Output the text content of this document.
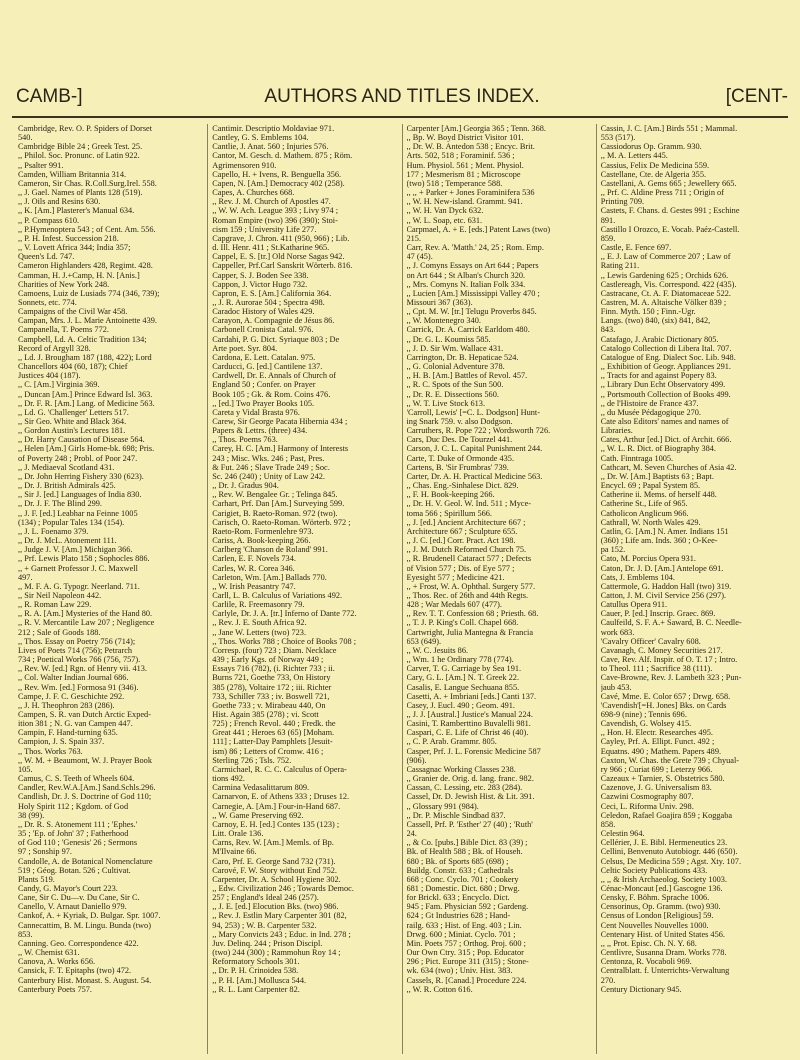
CAMB-]	AUTHORS AND TITLES INDEX.	[CENT-
Cambridge, Rev. O. P. Spiders of Dorset
540.
Cambridge Bible 24 ; Greek Test. 25.
,, Philol. Soc. Pronunc. of Latin 922.
,, Psalter 991.
Camden, William Britannia 314.
Cameron, Sir Chas. R.Coll.Surg.Irel. 558.
,, J. Gael. Names of Plants 128 (519).
,, J. Oils and Resins 630.
,, K. [Am.] Plasterer's Manual 634.
,, P. Compass 610.
,, P.Hymenoptera 543 ; of Cent. Am. 556.
,, P. H. Infest. Succession 218.
,, V. Lovett Africa 344; India 357;
Queen's Ld. 747.
Cameron Highlanders 428, Regimt. 428.
Camman, H. J.+Camp, H. N. [Anis.]
Charities of New York 248.
Camoens, Luiz de Lusiads 774 (346, 739);
Sonnets, etc. 774.
Campaigns of the Civil War 458.
Campan, Mrs. J. L. Marie Antoinette 439.
Campanella, T. Poems 772.
Campbell, Ld. A. Celtic Tradition 134;
Record of Argyll 328.
,, Ld. J. Brougham 187 (188, 422); Lord
Chancellors 404 (60, 187); Chief
Justices 404 (187).
,, C. [Am.] Virginia 369.
,, Duncan [Am.] Prince Edward Isl. 363.
,, Dr. F. R. [Am.] Lang. of Medicine 563.
,, Ld. G. 'Challenger' Letters 517.
,, Sir Geo. White and Black 364.
,, Gordon Austin's Lectures 181.
,, Dr. Harry Causation of Disease 564.
,, Helen [Am.] Girls Home-bk. 698; Pris.
of Poverty 248 ; Probl. of Poor 247.
,, J. Mediaeval Scotland 431.
,, Dr. John Herring Fishery 330 (623).
,, Dr. J. British Admirals 425.
,, Sir J. [ed.] Languages of India 830.
,, Dr. J. F. The Blind 299.
,, J. F. [ed.] Leabhar na Feinne 1005
(134) ; Popular Tales 134 (154).
,, J. L. Foenamo 379.
,, Dr. J. McL. Atonement 111.
,, Judge J. V. [Am.] Michigan 366.
,, Prf. Lewis Plato 158 ; Sophocles 886.
,, + Garnett Professor J. C. Maxwell
497.
,, M. F. A. G. Typogr. Neerland. 711.
,, Sir Neil Napoleon 442.
,, R. Roman Law 229.
,, R. A. [Am.] Mysteries of the Hand 80.
,, R. V. Mercantile Law 207 ; Negligence
212 ; Sale of Goods 188.
,, Thos. Essay on Poetry 756 (714);
Lives of Poets 714 (756); Petrarch
734 ; Poetical Works 766 (756, 757).
,, Rev. W. [ed.] Rgn. of Henry vii. 413.
,, Col. Walter Indian Journal 686.
,, Rev. Wm. [ed.] Formosa 91 (346).
Campe, J. F. C. Geschichte 292.
,, J. H. Theophron 283 (286).
Campen, S. R. van Dutch Arctic Exped-
ition 381 ; N. G. van Campen 447.
Campin, F. Hand-turning 635.
Campion, J. S. Spain 337.
,, Thos. Works 763.
,, W. M. + Beaumont, W. J. Prayer Book
105.
Camus, C. S. Teeth of Wheels 604.
Candler, Rev.W.A.[Am.] Sand.Schls.296.
Candlish, Dr. J. S. Doctrine of God 110;
Holy Spirit 112 ; Kgdom. of God
38 (99).
,, Dr. R. S. Atonement 111 ; 'Ephes.'
35 ; 'Ep. of John' 37 ; Fatherhood
of God 110 ; 'Genesis' 26 ; Sermons
97 ; Sonship 97.
Candolle, A. de Botanical Nomenclature
519 ; Géog. Botan. 526 ; Cultivat.
Plants 519.
Candy, G. Mayor's Court 223.
Cane, Sir C. Du—v. Du Cane, Sir C.
Canello, V. Arnaut Daniello 979.
Cankof, A. + Kyriak, D. Bulgar. Spr. 1007.
Cannecattim, B. M. Lingu. Bunda (two)
853.
Canning. Geo. Correspondence 422.
,, W. Chemist 631.
Canova, A. Works 656.
Cansick, F. T. Epitaphs (two) 472.
Canterbury Hist. Monast. S. August. 54.
Canterbury Poets 757.
Cantimir. Descriptio Moldaviae 971.
Cantley, G. S. Emblems 104.
Cantlie, J. Anat. 560 ; Injuries 576.
Cantor, M. Gesch. d. Mathem. 875 ; Röm.
Agrimensoren 910.
Capello, H. + Ivens, R. Benguella 356.
Capen, N. [Am.] Democracy 402 (258).
Capes, A. Churches 668.
,, Rev. J. M. Church of Apostles 47.
,, W. W. Ach. League 393 ; Livy 974 ;
Roman Empire (two) 396 (390); Stoi-
cism 159 ; University Life 277.
Capgrave, J. Chron. 411 (950, 966) ; Lib.
d. Ill. Henr. 411 ; St.Katharine 965.
Cappel, E. S. [tr.] Old Norse Sagas 942.
Cappeller, Prf.Carl Sanskrit Wörterb. 816.
Capper, S. J. Boden See 338.
Cappon, J. Victor Hugo 732.
Capron, E. S. [Am.] California 364.
,, J. R. Aurorae 504 ; Spectra 498.
Caradoc History of Wales 429.
Carayon, A. Compagnie de Jésus 86.
Carbonell Cronista Catal. 976.
Cardahi, P. G. Dict. Syriaque 803 ; De
Arte poet. Syr. 804.
Cardona, E. Lett. Catalan. 975.
Carducci, G. [ed.] Cantilene 137.
Cardwell, Dr. E. Annals of Church of
England 50 ; Confer. on Prayer
Book 105 ; Gk. & Rom. Coins 476.
,, [ed.] Two Prayer Books 105.
Careta y Vidal Brasta 976.
Carew, Sir George Pacata Hibernia 434 ;
Papers & Lettrs. (three) 434.
,, Thos. Poems 763.
Carey, H. C. [Am.] Harmony of Interests
243 ; Misc. Wks. 246 ; Past, Pres.
& Fut. 246 ; Slave Trade 249 ; Soc.
Sc. 246 (240) ; Unity of Law 242.
,, Dr. J. Gradus 904.
,, Rev. W. Bengalee Gr. ; Telinga 845.
Carhart, Prf. Dan [Am.] Surveying 599.
Carigiet, B. Raeto-Roman. 972 (two).
Carisch, O. Raeto-Roman. Wörterb. 972 ;
Raeto-Rom. Formenlehre 973.
Cariss, A. Book-keeping 266.
Carlberg 'Chanson de Roland' 991.
Carlen, E. F. Novels 734.
Carles, W. R. Corea 346.
Carleton, Wm. [Am.] Ballads 770.
,, W. Irish Peasantry 747.
Carll, L. B. Calculus of Variations 492.
Carlile, R. Freemasonry 79.
Carlyle, Dr. J. A. [tr.] Inferno of Dante 772.
,, Rev. J. E. South Africa 92.
,, Jane W. Letters (two) 723.
,, Thos. Works 788 ; Choice of Books 708 ;
Corresp. (four) 723 ; Diam. Necklace
439 ; Early Kgs. of Norway 449 ;
Essays 716 (782), (i. Richter 733 ; ii.
Burns 721, Goethe 733, On History
385 (278), Voltaire 172 ; iii. Richter
733, Schiller 733 ; iv. Boswell 721,
Goethe 733 ; v. Mirabeau 440, On
Hist. Again 385 (278) ; vi. Scott
725) ; French Revol. 440 ; Fredk. the
Great 441 ; Heroes 63 (65) [Moham.
111] ; Latter-Day Pamphlets [Jesuit-
ism) 86 ; Letters of Cromw. 416 ;
Sterling 726 ; Tsls. 752.
Carmichael, R. C. C. Calculus of Opera-
tions 492.
Carmina Vedasalittarum 809.
Carnarvon, E. of Athens 333 ; Druses 12.
Carnegie, A. [Am.] Four-in-Hand 687.
,, W. Game Preserving 692.
Carnoy, E. H. [ed.] Contes 135 (123) ;
Litt. Orale 136.
Carns, Rev. W. [Am.] Memls. of Bp.
M'Ilvaine 66.
Caro, Prf. E. George Sand 732 (731).
Carové, F. W. Story without End 752.
Carpenter, Dr. A. School Hygiene 302.
,, Edw. Civilization 246 ; Towards Democ.
257 ; England's Ideal 246 (257).
,, J. E. [ed.] Elocution Bks. (two) 986.
,, Rev. J. Estlin Mary Carpenter 301 (82,
94, 253) ; W. B. Carpenter 532.
,, Mary Convicts 243 ; Educ. in Ind. 278 ;
Juv. Delinq. 244 ; Prison Discipl.
(two) 244 (300) ; Rammohun Roy 14 ;
Reformatory Schools 301.
,, Dr. P. H. Crinoidea 538.
,, P. H. [Am.] Mollusca 544.
,, R. L. Lant Carpenter 82.
Carpenter [Am.] Georgia 365 ; Tenn. 368.
,, Bp. W. Boyd District Visitor 101.
,, Dr. W. B. Antedon 538 ; Encyc. Brit.
Arts. 502, 518 ; Foraminif. 536 ;
Hum. Physiol. 561 ; Ment. Physiol.
177 ; Mesmerism 81 ; Microscope
(two) 518 ; Temperance 588.
,, ,, + Parker + Jones Foraminifera 536
,, W. H. New-island. Grammt. 941.
,, W. H. Van Dyck 632.
,, W. L. Soap, etc. 631.
Carpmael, A. + E. [eds.] Patent Laws (two)
215.
Carr, Rev. A. 'Matth.' 24, 25 ; Rom. Emp.
47 (45).
,, J. Comyns Essays on Art 644 ; Papers
on Art 644 ; St Alban's Church 320.
,, Mrs. Comyns N. Italian Folk 334.
,, Lucien [Am.] Mississippi Valley 470 ;
Missouri 367 (363).
,, Cpt. M. W. [tr.] Telugu Proverbs 845.
,, W. Montenegro 340.
Carrick, Dr. A. Carrick Earldom 480.
,, Dr. G. L. Koumiss 585.
,, J. D. Sir Wm. Wallace 431.
Carrington, Dr. B. Hepaticae 524.
,, G. Colonial Adventure 378.
,, H. B. [Am.] Battles of Revol. 457.
,, R. C. Spots of the Sun 500.
,, Dr. R. E. Dissections 560.
,, W. T. Live Stock 613.
'Carroll, Lewis' [=C. L. Dodgson] Hunt-
ing Snark 759. v. also Dodgson.
Carruthers, R. Pope 722 ; Wordsworth 726.
Cars, Duc Des. De Tourzel 441.
Carson, J. C. L. Capital Punishment 244.
Carte, T. Duke of Ormonde 435.
Cartens, B. 'Sir Frumbras' 739.
Carter, Dr. A. H. Practical Medicine 563.
,, Chas. Eng.-Sinhalese Dict. 829.
,, F. H. Book-keeping 266.
,, Dr. H. V. Geol. W. Ind. 511 ; Myce-
toma 566 ; Spirillum 566.
,, J. [ed.] Ancient Architecture 667 ;
Architecture 667 ; Sculpture 655.
,, J. C. [ed.] Corr. Pract. Act 198.
,, J. M. Dutch Reformed Church 75.
,, R. Brudenell Cataract 577 ; Defects
of Vision 577 ; Dis. of Eye 577 ;
Eyesight 577 ; Medicine 421.
,, + Frost, W. A. Ophthal. Surgery 577.
,, Thos. Rec. of 26th and 44th Regts.
428 ; War Medals 607 (477).
,, Rev. T. T. Confession 68 ; Priesth. 68.
,, T. J. P. King's Coll. Chapel 668.
Cartwright, Julia Mantegna & Francia
653 (649).
,, W. C. Jesuits 86.
,, Wm. 1 he Ordinary 778 (774).
Carver, T. G. Carriage by Sea 191.
Cary, G. L. [Am.] N. T. Greek 22.
Casalis, E. Langue Sechuana 855.
Casetti, A. + Imbriani [eds.] Canti 137.
Casey, J. Eucl. 490 ; Geom. 491.
,, J. J. [Austral.] Justice's Manual 224.
Casini, T. Ramberttino Buvalelli 981.
Caspari, C. E. Life of Christ 46 (40).
,, C. P. Arab. Grammr. 805.
Casper, Prf. J. L. Forensic Medicine 587
(906).
Cassagnac Working Classes 238.
,, Granier de. Orig. d. lang. franc. 982.
Cassan, C. Lessing, etc. 283 (284).
Cassel, Dr. D. Jewish Hist. & Lit. 391.
,, Glossary 991 (984).
,, Dr. P. Mischle Sindbad 837.
Cassell, Prf. P. 'Esther' 27 (40) ; 'Ruth'
24.
,, & Co. [pubs.] Bible Dict. 83 (39) ;
Bk. of Health 588 ; Bk. of Househ.
680 ; Bk. of Sports 685 (698) ;
Buildg. Constr. 633 ; Cathedrals
668 ; Conc. Cyclo. 701 ; Cookery
681 ; Domestic. Dict. 680 ; Drwg.
for Brickl. 633 ; Encyclo. Dict.
945 ; Fam. Physician 592 ; Gardeng.
624 ; Gt Industries 628 ; Hand-
railg. 633 ; Hist. of Eng. 403 ; Lin.
Drwg. 600 ; Miniat. Cyclo. 701 ;
Min. Poets 757 ; Orthog. Proj. 600 ;
Our Own Ctry. 315 ; Pop. Educator
296 ; Pict. Europe 311 (315) ; Stone-
wk. 634 (two) ; Univ. Hist. 383.
Cassels, R. [Canad.] Procedure 224.
,, W. R. Cotton 616.
Cassin, J. C. [Am.] Birds 551 ; Mammal.
553 (517).
Cassiodorus Op. Gramm. 930.
,, M. A. Letters 445.
Cassius, Felix De Medicina 559.
Castellane, Cte. de Algeria 355.
Castellani, A. Gems 665 ; Jewellery 665.
,, Prf. C. Aldine Press 711 ; Origin of
Printing 709.
Castets, F. Chans. d. Gestes 991 ; Eschine
891.
Castillo I Orozco, E. Vocab. Paéz-Castell.
859.
Castle, E. Fence 697.
,, E. J. Law of Commerce 207 ; Law of
Rating 211.
,, Lewis Gardening 625 ; Orchids 626.
Castlereagh, Vis. Correspond. 422 (435).
Castracane, Ct. A. F. Diatomaceae 522.
Castren, M. A. Altaische Völker 839 ;
Finn. Myth. 150 ; Finn.-Ugr.
Langs. (two) 840, (six) 841, 842,
843.
Catafago, J. Arabic Dictionary 805.
Catalogo Collection di Libera Ital. 707.
Catalogue of Eng. Dialect Soc. Lib. 948.
,, Exhibition of Geogr. Appliances 291.
,, Tracts for and against Popery 83.
,, Library Dun Echt Observatory 499.
,, Portsmouth Collection of Books 499.
,, de l'Histoire de France 437.
,, du Musée Pédagogique 270.
Cate also Editors' names and names of
Libraries.
Cates, Arthur [ed.] Dict. of Archit. 666.
,, W. L. R. Dict. of Biography 384.
Cath. Finntraga 1005.
Cathcart, M. Seven Churches of Asia 42.
,, Dr. W. [Am.] Baptists 63 ; Bapt.
Encycl. 69 ; Papal System 85.
Catherine ii. Mems. of herself 448.
Catherine St., Life of 965.
Catholicon Anglicum 966.
Cathrall, W. North Wales 429.
Catlin, G. [Am.] N. Amer. Indians 151
(360) ; Life am. Inds. 360 ; O-Kee-
pa 152.
Cato, M. Porcius Opera 931.
Caton, Dr. J. D. [Am.] Antelope 691.
Cats, J. Emblems 104.
Cattermole, G. Haddon Hall (two) 319.
Catton, J. M. Civil Service 256 (297).
Catullus Opera 911.
Cauer, P. [ed.] Inscrip. Graec. 869.
Caulfeild, S. F. A.+ Saward, B. C. Needle-
work 683.
'Cavalry Officer' Cavalry 608.
Cavanagh, C. Money Securities 217.
Cave, Rev. Alf. Inspir. of O. T. 17 ; Intro.
to Theol. 111 ; Sacrifice 38 (111).
Cave-Browne, Rev. J. Lambeth 323 ; Pun-
jaub 453.
Cavé, Mme. E. Color 657 ; Drwg. 658.
'Cavendish'[=H. Jones] Bks. on Cards
698-9 (nine) ; Tennis 696.
Cavendish, G. Wolsey 415.
,, Hon. H. Electr. Researches 495.
Cayley, Prf. A. Ellipt. Funct. 492 ;
Equatns. 490 ; Mathem. Papers 489.
Caxton, W. Chas. the Grete 739 ; Chyual-
ry 966 ; Curiat 699 ; Leterzy 966.
Cazeaux + Tarnier, S. Obstetrics 580.
Cazenove, J. G. Universalism 83.
Cazwini Cosmography 807.
Ceci, L. Riforma Univ. 298.
Celedon, Rafael Goajira 859 ; Koggaba
858.
Celestin 964.
Cellérier, J. E. Bibl. Hermeneutics 23.
Cellini, Benvenuto Autobiogr. 446 (650).
Celsus, De Medicina 559 ; Agst. Xty. 107.
Celtic Society Publications 433.
,, ,, & Irish Archaeolog. Society 1003.
Cénac-Moncaut [ed.] Gascogne 136.
Censky, F. Böhm. Sprache 1006.
Censorinus, Op. Gramm. (two) 930.
Census of London [Religious] 59.
Cent Nouvelles Nouvelles 1000.
Centenary Hist. of United States 456.
,, ,, Prot. Episc. Ch. N. Y. 68.
Centlivre, Susanna Dram. Works 778.
Centonza, R. Vocaboli 969.
Centralblatt. f. Unterrichts-Verwaltung
270.
Century Dictionary 945.
